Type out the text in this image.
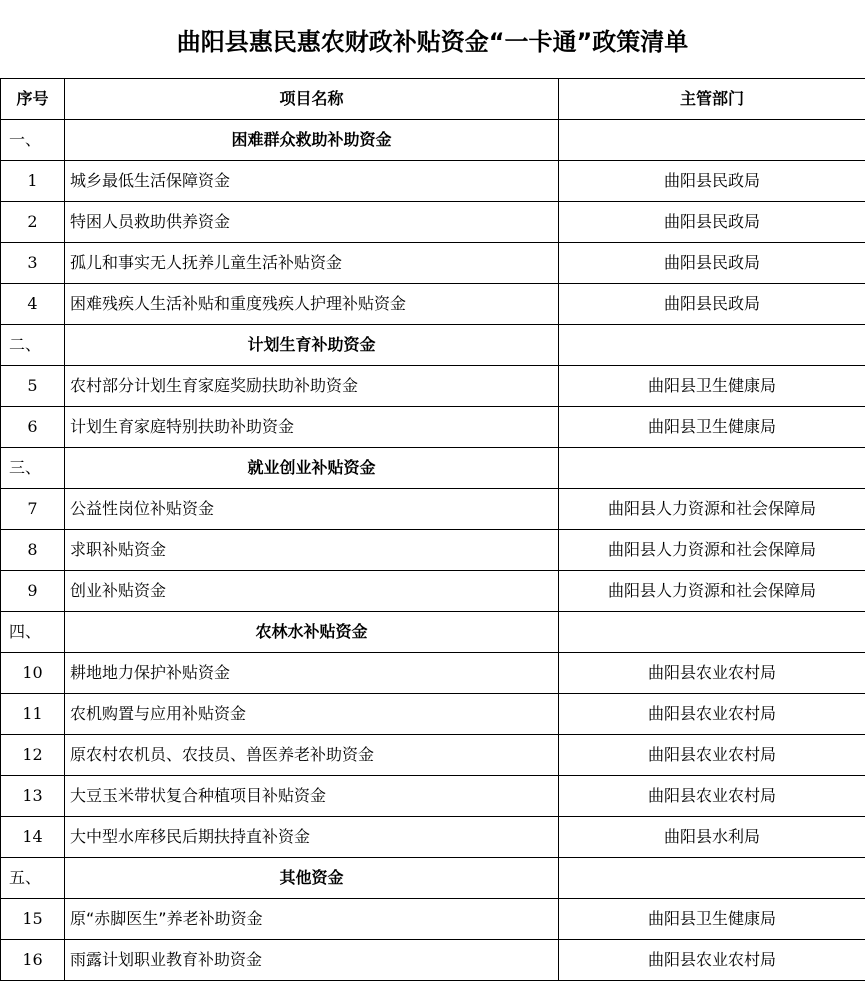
曲阳县惠民惠农财政补贴资金“一卡通”政策清单
序号	项目名称	主管部门
一、	困难群众救助补助资金	
1	城乡最低生活保障资金	曲阳县民政局
2	特困人员救助供养资金	曲阳县民政局
3	孤儿和事实无人抚养儿童生活补贴资金	曲阳县民政局
4	困难残疾人生活补贴和重度残疾人护理补贴资金	曲阳县民政局
二、	计划生育补助资金	
5	农村部分计划生育家庭奖励扶助补助资金	曲阳县卫生健康局
6	计划生育家庭特别扶助补助资金	曲阳县卫生健康局
三、	就业创业补贴资金	
7	公益性岗位补贴资金	曲阳县人力资源和社会保障局
8	求职补贴资金	曲阳县人力资源和社会保障局
9	创业补贴资金	曲阳县人力资源和社会保障局
四、	农林水补贴资金	
10	耕地地力保护补贴资金	曲阳县农业农村局
11	农机购置与应用补贴资金	曲阳县农业农村局
12	原农村农机员、农技员、兽医养老补助资金	曲阳县农业农村局
13	大豆玉米带状复合种植项目补贴资金	曲阳县农业农村局
14	大中型水库移民后期扶持直补资金	曲阳县水利局
五、	其他资金	
15	原“赤脚医生”养老补助资金	曲阳县卫生健康局
16	雨露计划职业教育补助资金	曲阳县农业农村局
